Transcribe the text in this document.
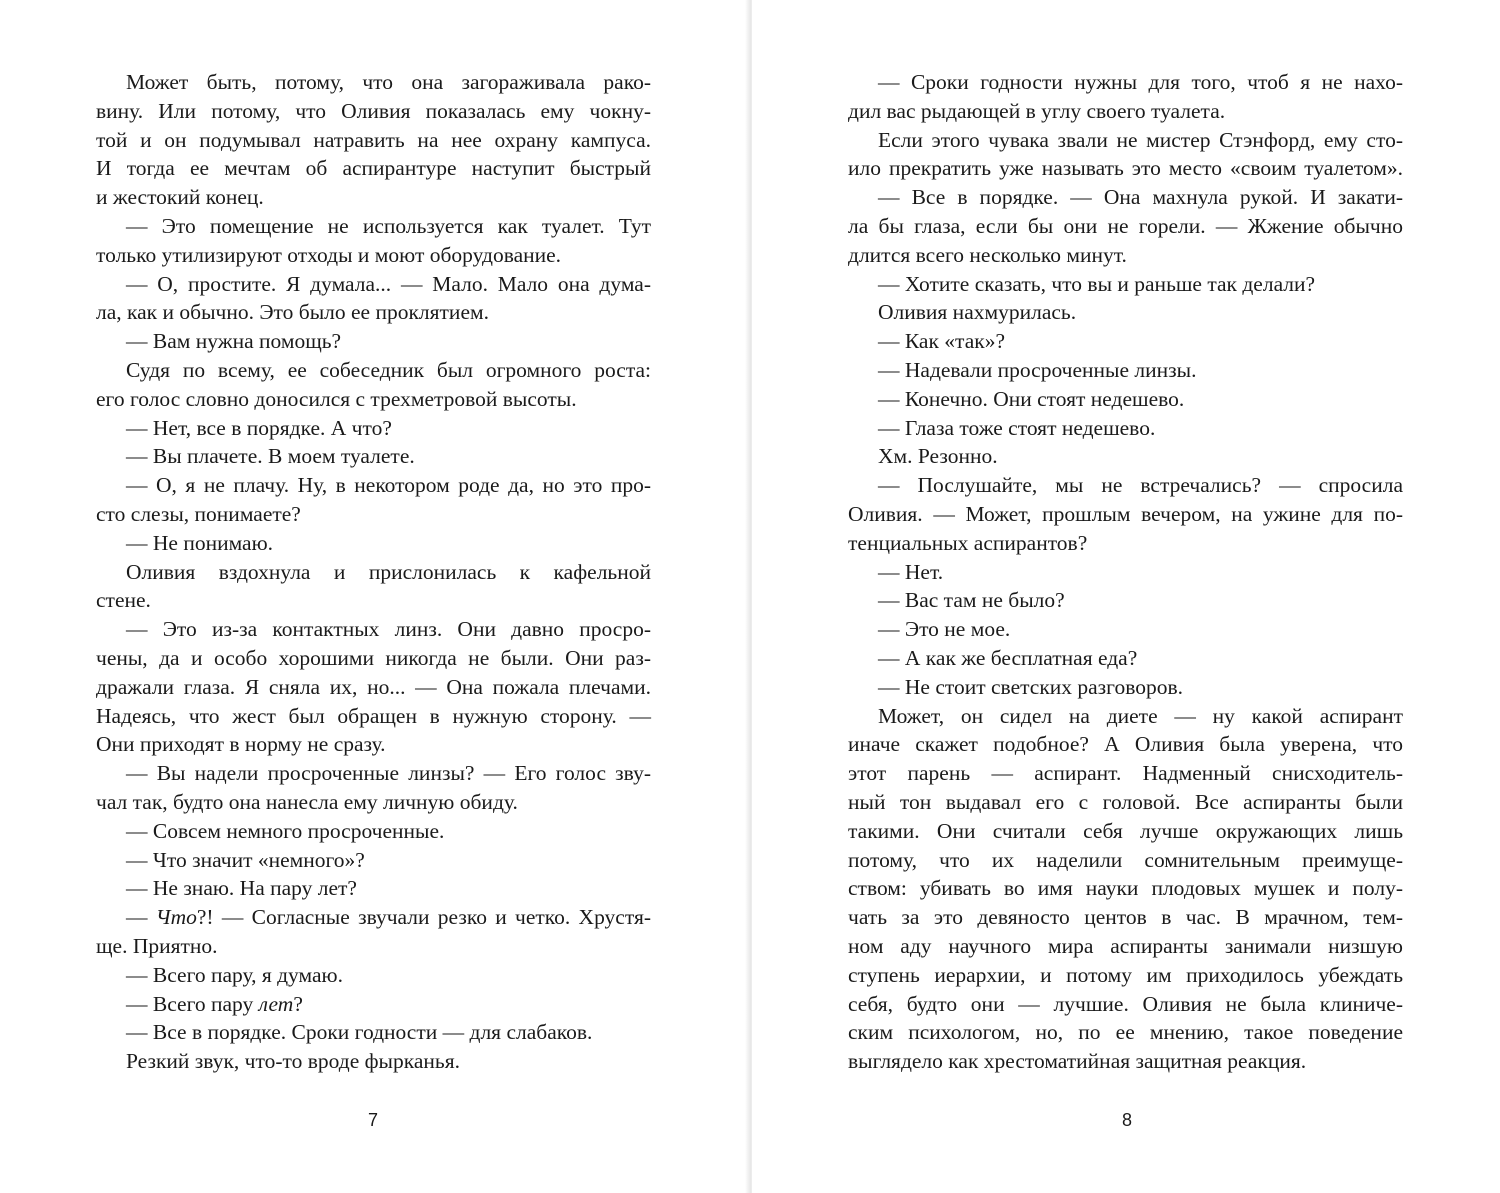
Может быть, потому, что она загораживала рако-
вину. Или потому, что Оливия показалась ему чокну-
той и он подумывал натравить на нее охрану кампуса.
И тогда ее мечтам об аспирантуре наступит быстрый
и жестокий конец.
— Это помещение не используется как туалет. Тут
только утилизируют отходы и моют оборудование.
— О, простите. Я думала... — Мало. Мало она дума-
ла, как и обычно. Это было ее проклятием.
— Вам нужна помощь?
Судя по всему, ее собеседник был огромного роста:
его голос словно доносился с трехметровой высоты.
— Нет, все в порядке. А что?
— Вы плачете. В моем туалете.
— О, я не плачу. Ну, в некотором роде да, но это про-
сто слезы, понимаете?
— Не понимаю.
Оливия вздохнула и прислонилась к кафельной
стене.
— Это из-за контактных линз. Они давно просро-
чены, да и особо хорошими никогда не были. Они раз-
дражали глаза. Я сняла их, но... — Она пожала плечами.
Надеясь, что жест был обращен в нужную сторону. —
Они приходят в норму не сразу.
— Вы надели просроченные линзы? — Его голос зву-
чал так, будто она нанесла ему личную обиду.
— Совсем немного просроченные.
— Что значит «немного»?
— Не знаю. На пару лет?
— Что?! — Согласные звучали резко и четко. Хрустя-
ще. Приятно.
— Всего пару, я думаю.
— Всего пару лет?
— Все в порядке. Сроки годности — для слабаков.
Резкий звук, что-то вроде фырканья.
7
— Сроки годности нужны для того, чтоб я не нахо-
дил вас рыдающей в углу своего туалета.
Если этого чувака звали не мистер Стэнфорд, ему сто-
ило прекратить уже называть это место «своим туалетом».
— Все в порядке. — Она махнула рукой. И закати-
ла бы глаза, если бы они не горели. — Жжение обычно
длится всего несколько минут.
— Хотите сказать, что вы и раньше так делали?
Оливия нахмурилась.
— Как «так»?
— Надевали просроченные линзы.
— Конечно. Они стоят недешево.
— Глаза тоже стоят недешево.
Хм. Резонно.
— Послушайте, мы не встречались? — спросила
Оливия. — Может, прошлым вечером, на ужине для по-
тенциальных аспирантов?
— Нет.
— Вас там не было?
— Это не мое.
— А как же бесплатная еда?
— Не стоит светских разговоров.
Может, он сидел на диете — ну какой аспирант
иначе скажет подобное? А Оливия была уверена, что
этот парень — аспирант. Надменный снисходитель-
ный тон выдавал его с головой. Все аспиранты были
такими. Они считали себя лучше окружающих лишь
потому, что их наделили сомнительным преимуще-
ством: убивать во имя науки плодовых мушек и полу-
чать за это девяносто центов в час. В мрачном, тем-
ном аду научного мира аспиранты занимали низшую
ступень иерархии, и потому им приходилось убеждать
себя, будто они — лучшие. Оливия не была клиниче-
ским психологом, но, по ее мнению, такое поведение
выглядело как хрестоматийная защитная реакция.
8
